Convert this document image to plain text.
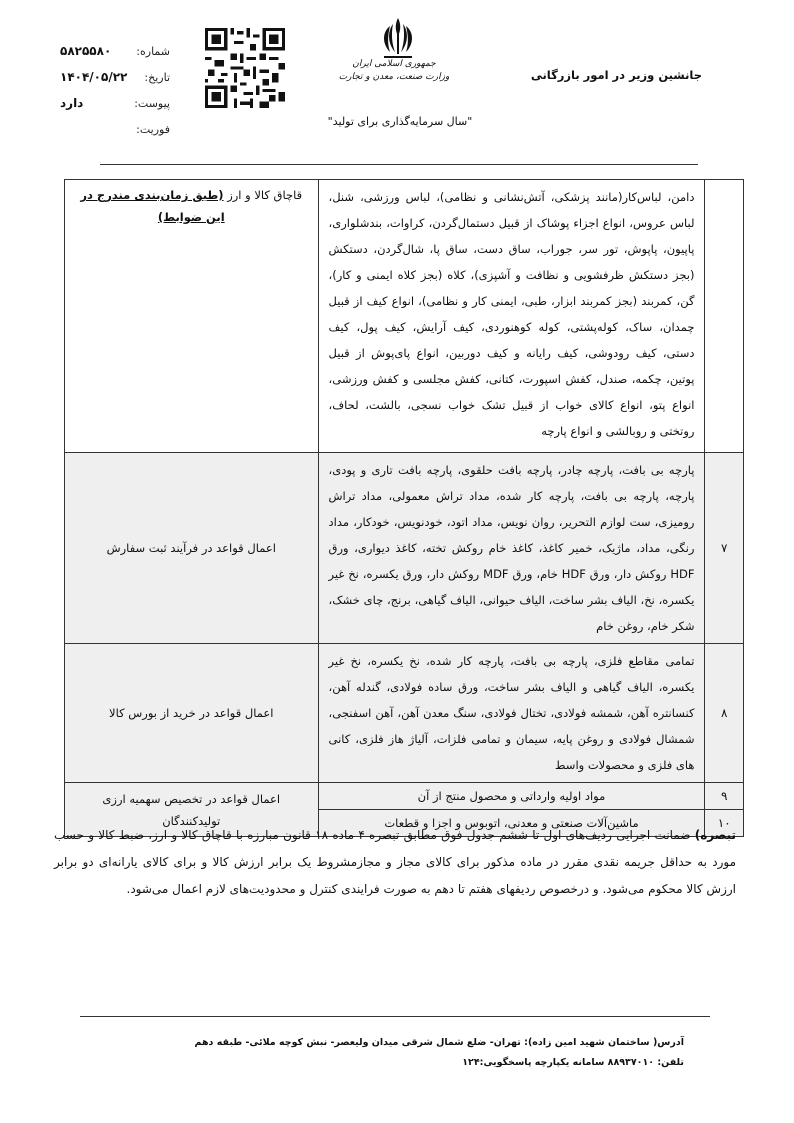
جانشین وزیر در امور بازرگانی
شماره:
۵۸۲۵۵۸۰
تاریخ:
۱۴۰۴/۰۵/۲۲
پیوست:
دارد
فوریت:
جمهوری اسلامی ایران
وزارت صنعت، معدن و تجارت
"سال سرمایه‌گذاری برای تولید"
	دامن، لباس‌کار(مانند پزشکی، آتش‌نشانی و نظامی)، لباس ورزشی، شنل، لباس عروس، انواع اجزاء پوشاک از قبیل دستمال‌گردن، کراوات، بندشلواری، پاپیون، پاپوش، تور سر، جوراب، ساق دست، ساق پا، شال‌گردن، دستکش (بجز دستکش ظرفشویی و نظافت و آشپزی)، کلاه (بجز کلاه ایمنی و کار)، گن، کمربند (بجز کمربند ابزار، طبی، ایمنی کار و نظامی)، انواع کیف از قبیل چمدان، ساک، کوله‌پشتی، کوله کوهنوردی، کیف آرایش، کیف پول، کیف دستی، کیف رودوشی، کیف رایانه و کیف دوربین، انواع پای‌پوش از قبیل پوتین، چکمه، صندل، کفش اسپورت، کتانی، کفش مجلسی و کفش ورزشی، انواع پتو، انواع کالای خواب از قبیل تشک خواب نسجی، بالشت، لحاف، روتختی و روبالشی و انواع پارچه	قاچاق کالا و ارز (طبق زمان‌بندی مندرج در این ضوابط)
۷	پارچه بی بافت، پارچه چادر، پارچه بافت حلقوی، پارچه بافت تاری و پودی، پارچه، پارچه بی بافت، پارچه کار شده، مداد تراش معمولی، مداد تراش رومیزی، ست لوازم التحریر، روان نویس، مداد اتود، خودنویس، خودکار، مداد رنگی، مداد، ماژیک، خمیر کاغذ، کاغذ خام روکش تخته، کاغذ دیواری، ورق HDF روکش دار، ورق HDF خام، ورق MDF روکش دار، ورق یکسره، نخ غیر یکسره، نخ، الیاف بشر ساخت، الیاف حیوانی، الیاف گیاهی، برنج، چای خشک، شکر خام، روغن خام	اعمال قواعد در فرآیند ثبت سفارش
۸	تمامی مقاطع فلزی، پارچه بی بافت، پارچه کار شده، نخ یکسره، نخ غیر یکسره، الیاف گیاهی و الیاف بشر ساخت، ورق ساده فولادی، گندله آهن، کنسانتره آهن، شمشه فولادی، تختال فولادی، سنگ معدن آهن، آهن اسفنجی، شمشال فولادی و روغن پایه، سیمان و تمامی فلزات، آلیاژ هاز فلزی، کانی های فلزی و محصولات واسط	اعمال قواعد در خرید از بورس کالا
۹	مواد اولیه وارداتی و محصول منتج از آن	اعمال قواعد در تخصیص سهمیه ارزی تولیدکنندگان
۱۰	ماشین‌آلات صنعتی و معدنی، اتوبوس و اجزا و قطعات	
تبصره) ضمانت اجرایی ردیف‌های اول تا ششم جدول فوق مطابق تبصره ۴ ماده ۱۸ قانون مبارزه با قاچاق کالا و ارز، ضبط کالا و حسب مورد به حداقل جریمه نقدی مقرر در ماده مذکور برای کالای مجاز و مجازمشروط یک برابر ارزش کالا و برای کالای یارانه‌ای دو برابر ارزش کالا محکوم می‌شود. و درخصوص ردیفهای هفتم تا دهم به صورت فرایندی کنترل و محدودیت‌های لازم اعمال می‌شود.
آدرس( ساختمان شهید امین زاده): تهران- ضلع شمال شرقی میدان ولیعصر- نبش کوچه ملائی- طبقه دهم
تلفن: ۸۸۹۳۷۰۱۰ سامانه یکپارچه پاسخگویی:۱۲۴
